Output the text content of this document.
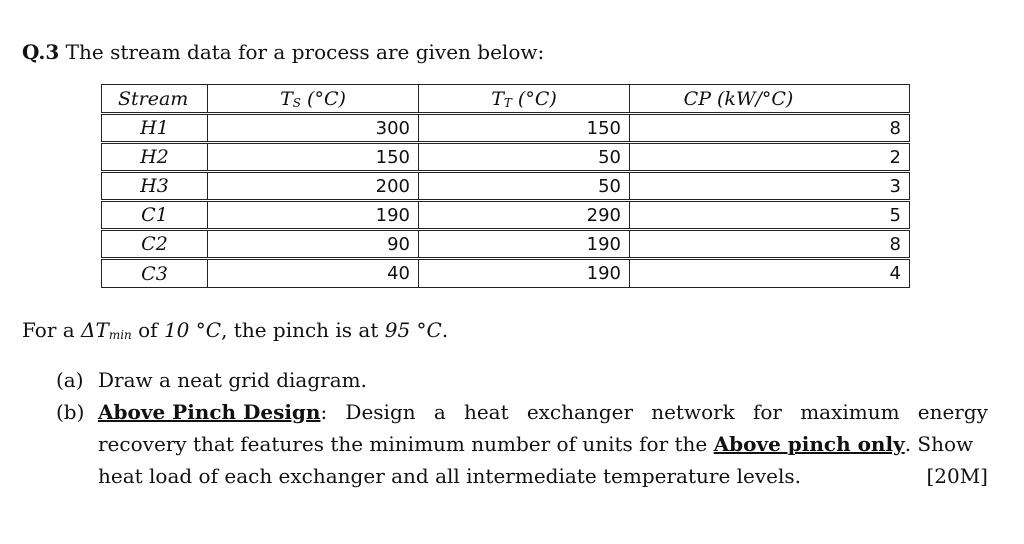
Q.3 The stream data for a process are given below:
Stream	$T_S$ (°C)	$T_T$ (°C)	CP (kW/°C)
H1	300	150	8
H2	150	50	2
H3	200	50	3
C1	190	290	5
C2	90	190	8
C3	40	190	4
For a $\Delta T_{min}$ of 10 °C, the pinch is at 95 °C.
(a) Draw a neat grid diagram.
(b) Above Pinch Design: Design a heat exchanger network for maximum energy
recovery that features the minimum number of units for the Above pinch only. Show
heat load of each exchanger and all intermediate temperature levels.	[20M]
